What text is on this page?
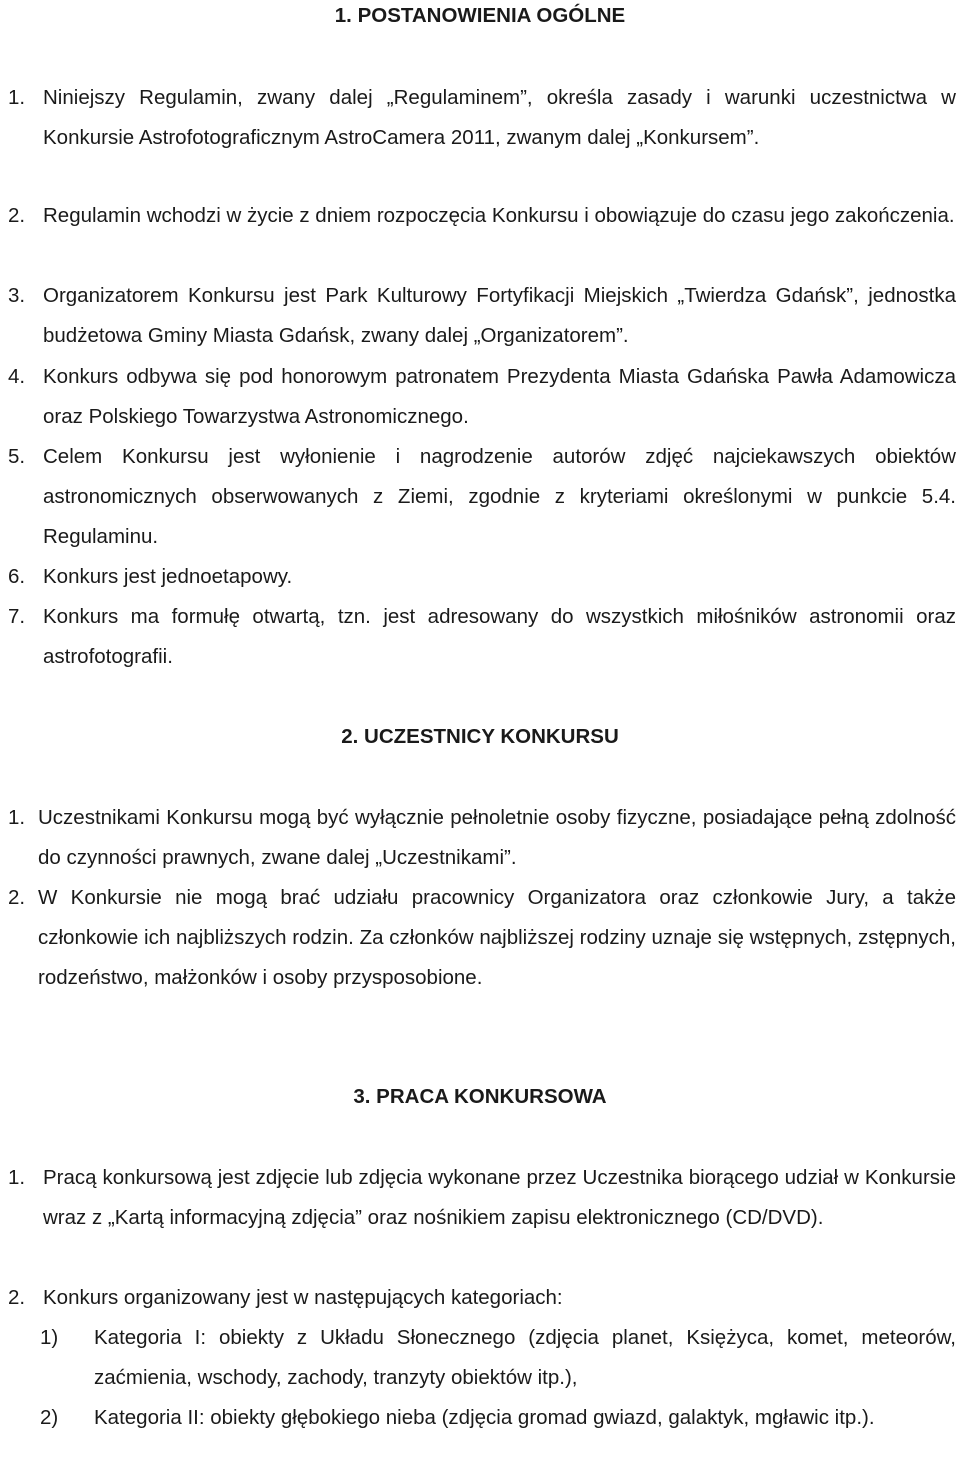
1. POSTANOWIENIA OGÓLNE
1. Niniejszy Regulamin, zwany dalej „Regulaminem”, określa zasady i warunki uczestnictwa w Konkursie Astrofotograficznym AstroCamera 2011, zwanym dalej „Konkursem”.
2. Regulamin wchodzi w życie z dniem rozpoczęcia Konkursu i obowiązuje do czasu jego zakończenia.
3. Organizatorem Konkursu jest Park Kulturowy Fortyfikacji Miejskich „Twierdza Gdańsk”, jednostka budżetowa Gminy Miasta Gdańsk, zwany dalej „Organizatorem”.
4. Konkurs odbywa się pod honorowym patronatem Prezydenta Miasta Gdańska Pawła Adamowicza oraz Polskiego Towarzystwa Astronomicznego.
5. Celem Konkursu jest wyłonienie i nagrodzenie autorów zdjęć najciekawszych obiektów astronomicznych obserwowanych z Ziemi, zgodnie z kryteriami określonymi w punkcie 5.4. Regulaminu.
6. Konkurs jest jednoetapowy.
7. Konkurs ma formułę otwartą, tzn. jest adresowany do wszystkich miłośników astronomii oraz astrofotografii.
2. UCZESTNICY KONKURSU
1. Uczestnikami Konkursu mogą być wyłącznie pełnoletnie osoby fizyczne, posiadające pełną zdolność do czynności prawnych, zwane dalej „Uczestnikami”.
2. W Konkursie nie mogą brać udziału pracownicy Organizatora oraz członkowie Jury, a także członkowie ich najbliższych rodzin. Za członków najbliższej rodziny uznaje się wstępnych, zstępnych, rodzeństwo, małżonków i osoby przysposobione.
3. PRACA KONKURSOWA
1. Pracą konkursową jest zdjęcie lub zdjęcia wykonane przez Uczestnika biorącego udział w Konkursie wraz z „Kartą informacyjną zdjęcia” oraz nośnikiem zapisu elektronicznego (CD/DVD).
2. Konkurs organizowany jest w następujących kategoriach:
1) Kategoria I: obiekty z Układu Słonecznego (zdjęcia planet, Księżyca, komet, meteorów, zaćmienia, wschody, zachody, tranzyty obiektów itp.),
2) Kategoria II: obiekty głębokiego nieba (zdjęcia gromad gwiazd, galaktyk, mgławic itp.).
